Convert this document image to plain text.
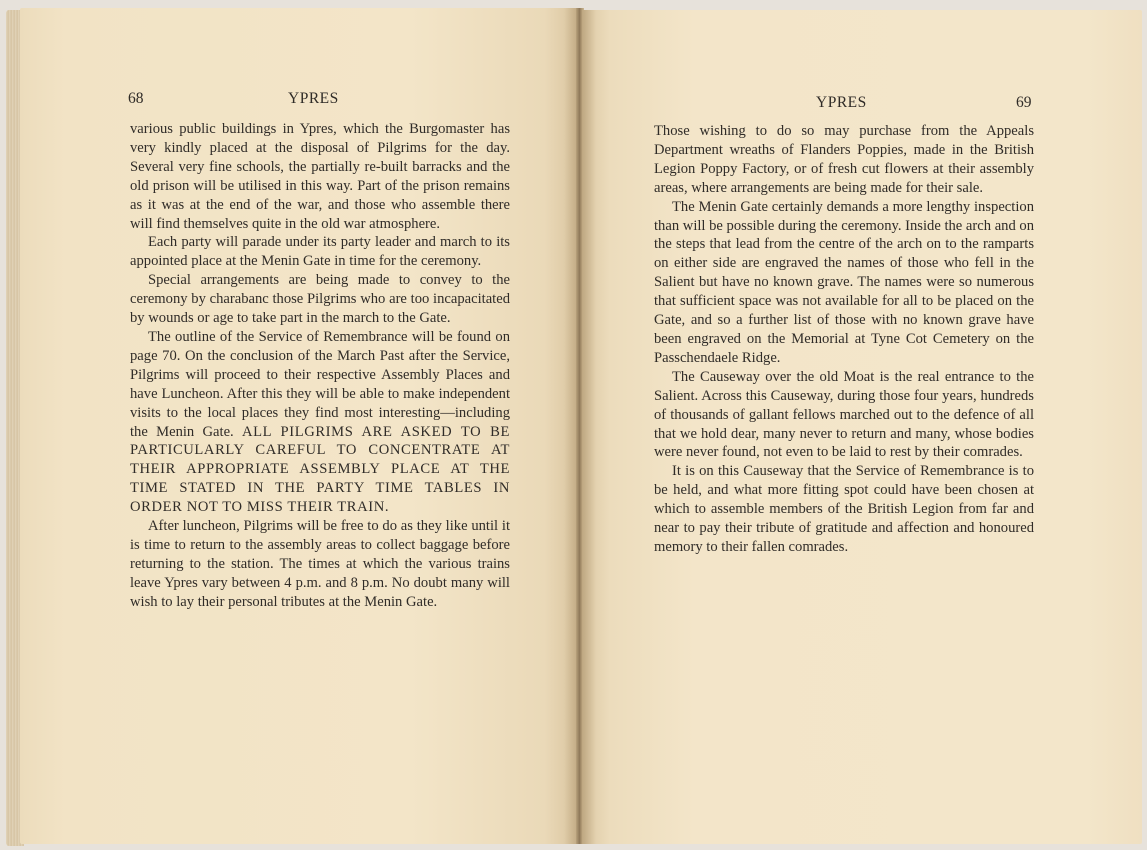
68	YPRES

various public buildings in Ypres, which the Burgomaster has very kindly placed at the disposal of Pilgrims for the day. Several very fine schools, the partially re-built barracks and the old prison will be utilised in this way. Part of the prison remains as it was at the end of the war, and those who assemble there will find themselves quite in the old war atmosphere.

Each party will parade under its party leader and march to its appointed place at the Menin Gate in time for the ceremony.

Special arrangements are being made to convey to the ceremony by charabanc those Pilgrims who are too incapacitated by wounds or age to take part in the march to the Gate.

The outline of the Service of Remembrance will be found on page 70. On the conclusion of the March Past after the Service, Pilgrims will proceed to their respective Assembly Places and have Luncheon. After this they will be able to make independent visits to the local places they find most interesting—including the Menin Gate. ALL PILGRIMS ARE ASKED TO BE PARTICULARLY CAREFUL TO CONCENTRATE AT THEIR APPROPRIATE ASSEMBLY PLACE AT THE TIME STATED IN THE PARTY TIME TABLES IN ORDER NOT TO MISS THEIR TRAIN.

After luncheon, Pilgrims will be free to do as they like until it is time to return to the assembly areas to collect baggage before returning to the station. The times at which the various trains leave Ypres vary between 4 p.m. and 8 p.m. No doubt many will wish to lay their personal tributes at the Menin Gate.

YPRES	69

Those wishing to do so may purchase from the Appeals Department wreaths of Flanders Poppies, made in the British Legion Poppy Factory, or of fresh cut flowers at their assembly areas, where arrangements are being made for their sale.

The Menin Gate certainly demands a more lengthy inspection than will be possible during the ceremony. Inside the arch and on the steps that lead from the centre of the arch on to the ramparts on either side are engraved the names of those who fell in the Salient but have no known grave. The names were so numerous that sufficient space was not available for all to be placed on the Gate, and so a further list of those with no known grave have been engraved on the Memorial at Tyne Cot Cemetery on the Passchendaele Ridge.

The Causeway over the old Moat is the real entrance to the Salient. Across this Causeway, during those four years, hundreds of thousands of gallant fellows marched out to the defence of all that we hold dear, many never to return and many, whose bodies were never found, not even to be laid to rest by their comrades.

It is on this Causeway that the Service of Remembrance is to be held, and what more fitting spot could have been chosen at which to assemble members of the British Legion from far and near to pay their tribute of gratitude and affection and honoured memory to their fallen comrades.
